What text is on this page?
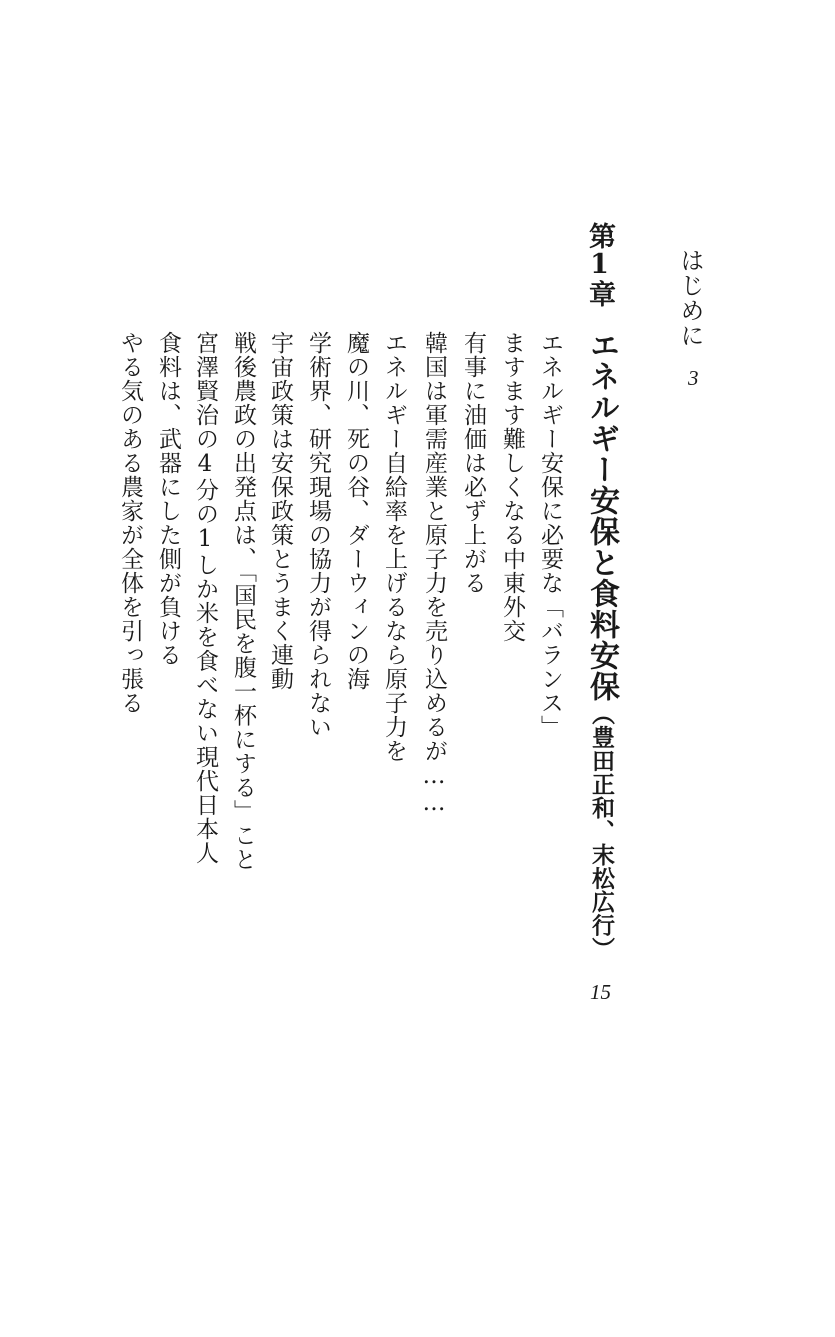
はじめに
3
第1章
エネルギー安保と食料安保（豊田正和、末松広行）
15
エネルギー安保に必要な「バランス」
ますます難しくなる中東外交
有事に油価は必ず上がる
韓国は軍需産業と原子力を売り込めるが……
エネルギー自給率を上げるなら原子力を
魔の川、死の谷、ダーウィンの海
学術界、研究現場の協力が得られない
宇宙政策は安保政策とうまく連動
戦後農政の出発点は、「国民を腹一杯にする」こと
宮澤賢治の4分の1しか米を食べない現代日本人
食料は、武器にした側が負ける
やる気のある農家が全体を引っ張る
